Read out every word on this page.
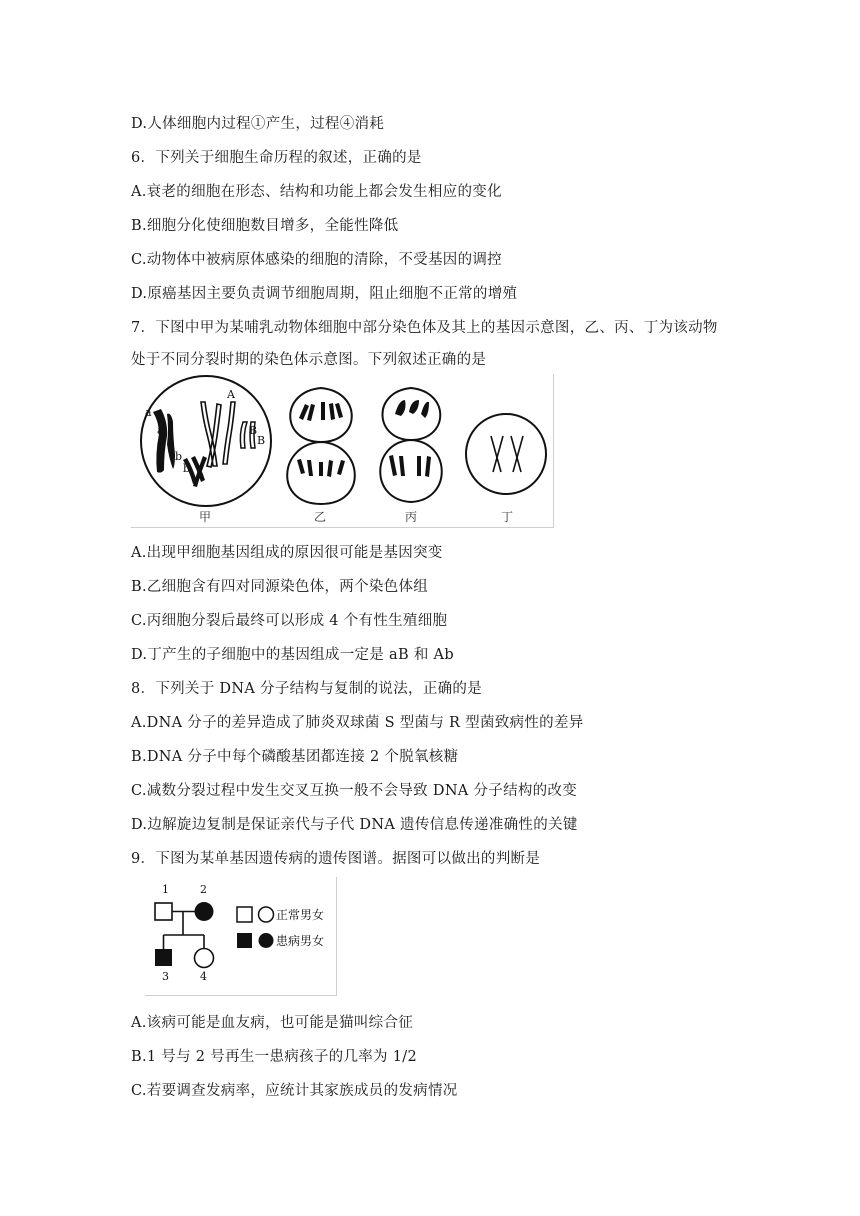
D.人体细胞内过程①产生，过程④消耗
6．下列关于细胞生命历程的叙述，正确的是
A.衰老的细胞在形态、结构和功能上都会发生相应的变化
B.细胞分化使细胞数目增多，全能性降低
C.动物体中被病原体感染的细胞的清除，不受基因的调控
D.原癌基因主要负责调节细胞周期，阻止细胞不正常的增殖
7．下图中甲为某哺乳动物体细胞中部分染色体及其上的基因示意图，乙、丙、丁为该动物
处于不同分裂时期的染色体示意图。下列叙述正确的是
a
a
A
B
B
b
b
甲	乙	丙	丁
A.出现甲细胞基因组成的原因很可能是基因突变
B.乙细胞含有四对同源染色体，两个染色体组
C.丙细胞分裂后最终可以形成 4 个有性生殖细胞
D.丁产生的子细胞中的基因组成一定是 aB 和 Ab
8．下列关于 DNA 分子结构与复制的说法，正确的是
A.DNA 分子的差异造成了肺炎双球菌 S 型菌与 R 型菌致病性的差异
B.DNA 分子中每个磷酸基团都连接 2 个脱氧核糖
C.减数分裂过程中发生交叉互换一般不会导致 DNA 分子结构的改变
D.边解旋边复制是保证亲代与子代 DNA 遗传信息传递准确性的关键
9．下图为某单基因遗传病的遗传图谱。据图可以做出的判断是
1	2
3	4
正常男女
患病男女
A.该病可能是血友病，也可能是猫叫综合征
B.1 号与 2 号再生一患病孩子的几率为 1/2
C.若要调查发病率，应统计其家族成员的发病情况
